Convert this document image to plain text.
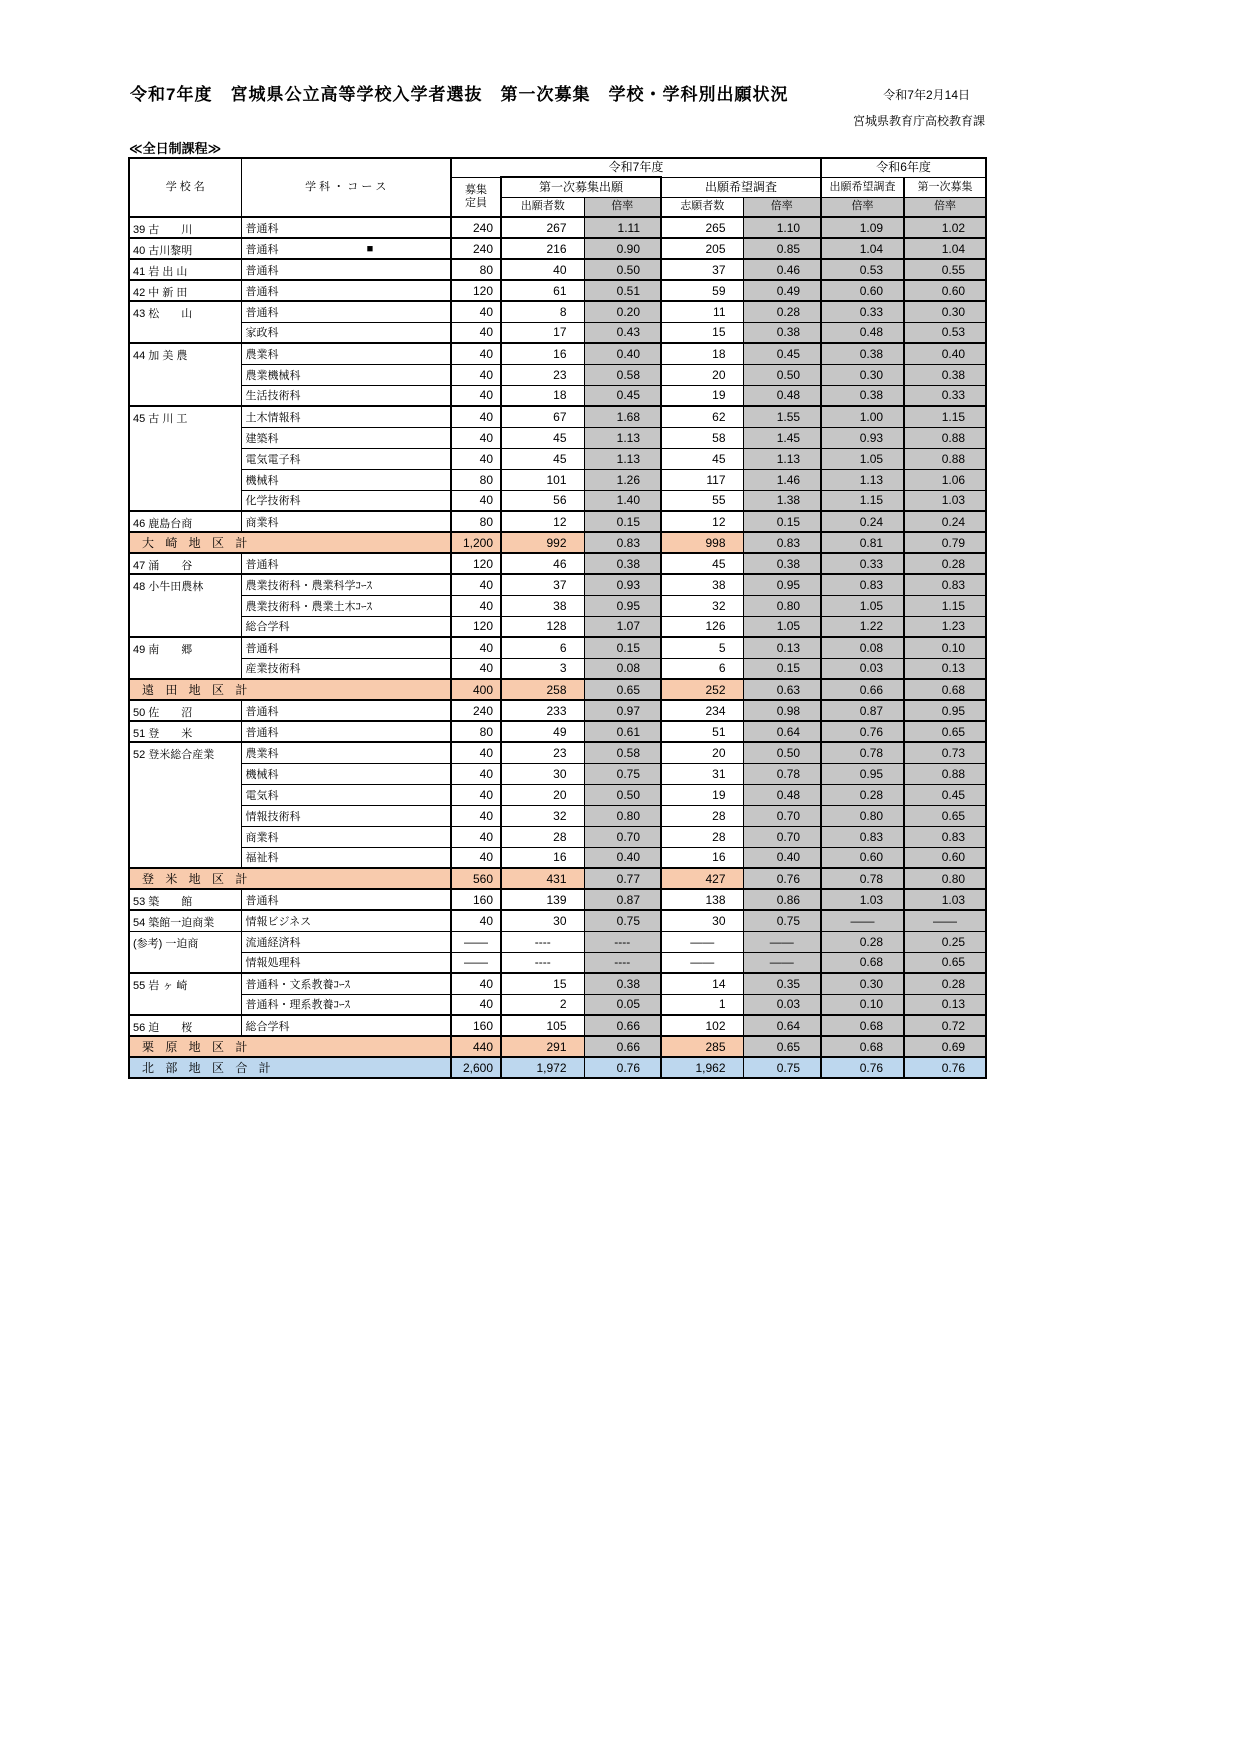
令和7年度　宮城県公立高等学校入学者選抜　第一次募集　学校・学科別出願状況	令和7年2月14日
宮城県教育庁高校教育課
≪全日制課程≫
学 校 名	学 科 ・ コ ー ス	令和7年度					令和6年度	

		募集
定員	第一次募集出願		出願希望調査		出願希望調査	第一次募集
			出願者数	倍率	志願者数	倍率	倍率	倍率
39 古　　川	普通科	240	267	1.11	265	1.10	1.09	1.02
40 古川黎明	普通科 ■	240	216	0.90	205	0.85	1.04	1.04
41 岩 出 山	普通科	80	40	0.50	37	0.46	0.53	0.55
42 中 新 田	普通科	120	61	0.51	59	0.49	0.60	0.60
43 松　　山	普通科	40	8	0.20	11	0.28	0.33	0.30
	家政科	40	17	0.43	15	0.38	0.48	0.53
44 加 美 農	農業科	40	16	0.40	18	0.45	0.38	0.40
	農業機械科	40	23	0.58	20	0.50	0.30	0.38
	生活技術科	40	18	0.45	19	0.48	0.38	0.33
45 古 川 工	土木情報科	40	67	1.68	62	1.55	1.00	1.15
	建築科	40	45	1.13	58	1.45	0.93	0.88
	電気電子科	40	45	1.13	45	1.13	1.05	0.88
	機械科	80	101	1.26	117	1.46	1.13	1.06
	化学技術科	40	56	1.40	55	1.38	1.15	1.03
46 鹿島台商	商業科	80	12	0.15	12	0.15	0.24	0.24
大 崎 地 区 計		1,200	992	0.83	998	0.83	0.81	0.79
47 涌　　谷	普通科	120	46	0.38	45	0.38	0.33	0.28
48 小牛田農林	農業技術科・農業科学ｺｰｽ	40	37	0.93	38	0.95	0.83	0.83
	農業技術科・農業土木ｺｰｽ	40	38	0.95	32	0.80	1.05	1.15
	総合学科	120	128	1.07	126	1.05	1.22	1.23
49 南　　郷	普通科	40	6	0.15	5	0.13	0.08	0.10
	産業技術科	40	3	0.08	6	0.15	0.03	0.13
遠 田 地 区 計		400	258	0.65	252	0.63	0.66	0.68
50 佐　　沼	普通科	240	233	0.97	234	0.98	0.87	0.95
51 登　　米	普通科	80	49	0.61	51	0.64	0.76	0.65
52 登米総合産業	農業科	40	23	0.58	20	0.50	0.78	0.73
	機械科	40	30	0.75	31	0.78	0.95	0.88
	電気科	40	20	0.50	19	0.48	0.28	0.45
	情報技術科	40	32	0.80	28	0.70	0.80	0.65
	商業科	40	28	0.70	28	0.70	0.83	0.83
	福祉科	40	16	0.40	16	0.40	0.60	0.60
登 米 地 区 計		560	431	0.77	427	0.76	0.78	0.80
53 築　　館	普通科	160	139	0.87	138	0.86	1.03	1.03
54 築館一迫商業	情報ビジネス	40	30	0.75	30	0.75	——	——
(参考) 一迫商	流通経済科	——	----	----	——	——	0.28	0.25
	情報処理科	——	----	----	——	——	0.68	0.65
55 岩 ヶ 崎	普通科・文系教養ｺｰｽ	40	15	0.38	14	0.35	0.30	0.28
	普通科・理系教養ｺｰｽ	40	2	0.05	1	0.03	0.10	0.13
56 迫　　桜	総合学科	160	105	0.66	102	0.64	0.68	0.72
栗 原 地 区 計		440	291	0.66	285	0.65	0.68	0.69
北 部 地 区 合 計		2,600	1,972	0.76	1,962	0.75	0.76	0.76
